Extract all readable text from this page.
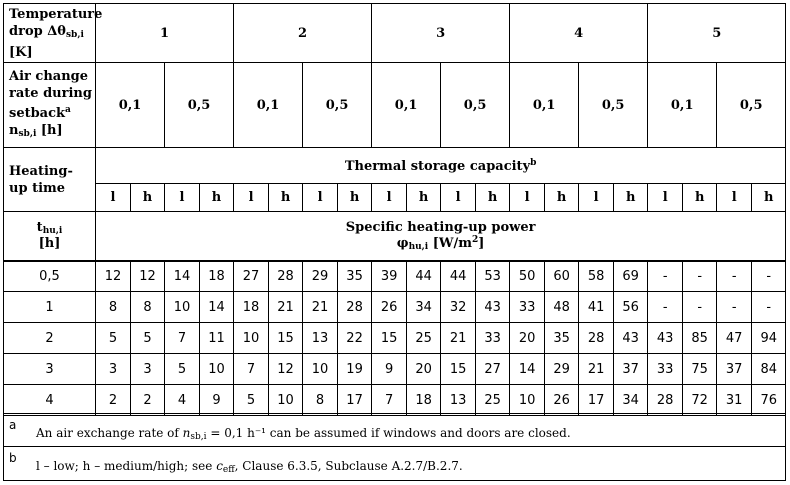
Temperature
drop $\Delta\theta_{sb,i}$
[K]	1				2				3				4				5			
Air change
rate during
setback$^a$
$n_{sb,i}$ [h]	0,1		0,5		0,1		0,5		0,1		0,5		0,1		0,5		0,1		0,5	
Heating-
up time	Thermal storage capacity$^b$
	l	h	l	h	l	h	l	h	l	h	l	h	l	h	l	h	l	h	l	h
$t_{hu,i}$
[h]	Specific heating-up power
$\varphi_{hu,i}$ $[W/m^2]$																			
0,5	12	12	14	18	27	28	29	35	39	44	44	53	50	60	58	69	-	-	-	-
1	8	8	10	14	18	21	21	28	26	34	32	43	33	48	41	56	-	-	-	-
2	5	5	7	11	10	15	13	22	15	25	21	33	20	35	28	43	43	85	47	94
3	3	3	5	10	7	12	10	19	9	20	15	27	14	29	21	37	33	75	37	84
4	2	2	4	9	5	10	8	17	7	18	13	25	10	26	17	34	28	72	31	76
a
An air exchange rate of $n_{sb,i} = 0,1$ h⁻¹ can be assumed if windows and doors are closed.
b
l – low; h – medium/high; see $c_{eff}$, Clause 6.3.5, Subclause A.2.7/B.2.7.
